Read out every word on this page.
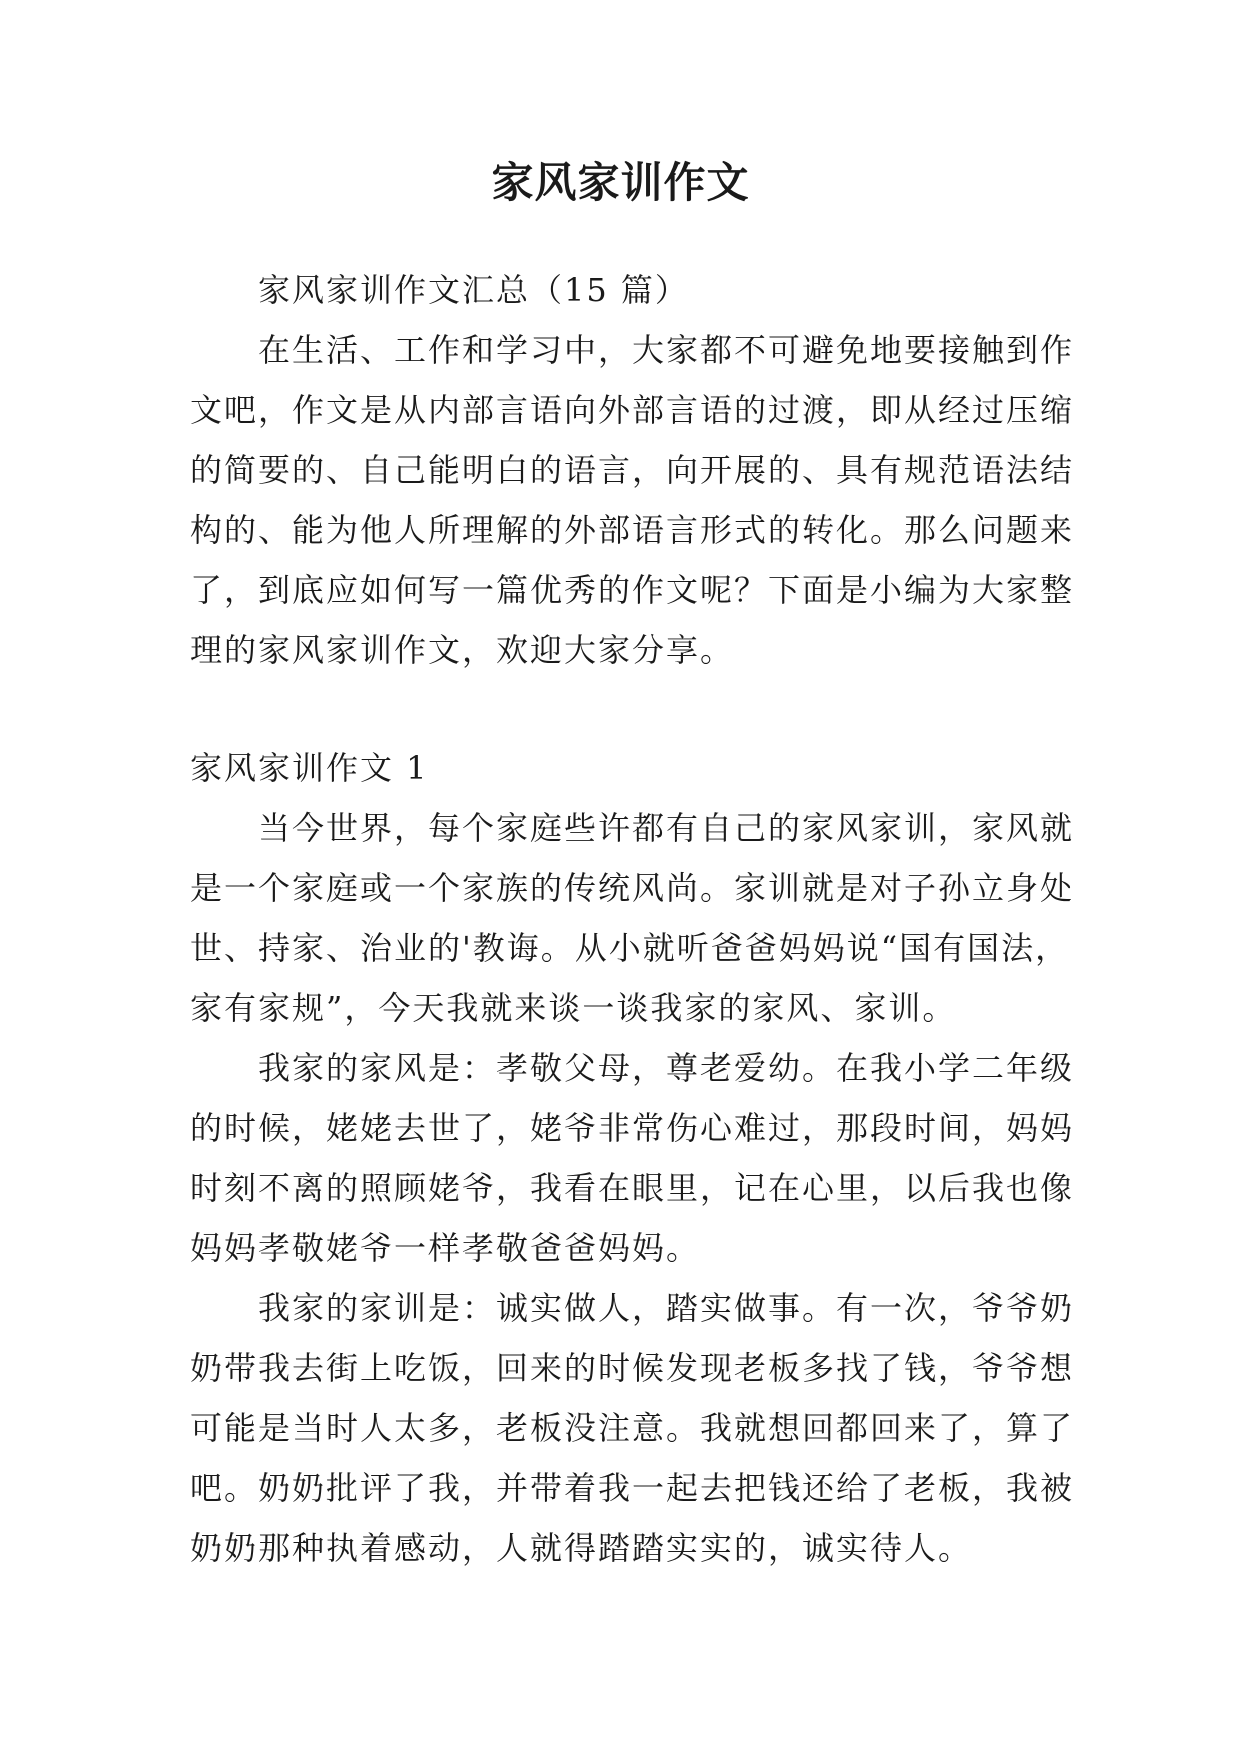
家风家训作文
家风家训作文汇总（15 篇）
在生活、工作和学习中，大家都不可避免地要接触到作
文吧，作文是从内部言语向外部言语的过渡，即从经过压缩
的简要的、自己能明白的语言，向开展的、具有规范语法结
构的、能为他人所理解的外部语言形式的转化。那么问题来
了，到底应如何写一篇优秀的作文呢？下面是小编为大家整
理的家风家训作文，欢迎大家分享。
家风家训作文 1
当今世界，每个家庭些许都有自己的家风家训，家风就
是一个家庭或一个家族的传统风尚。家训就是对子孙立身处
世、持家、治业的'教诲。从小就听爸爸妈妈说“国有国法，
家有家规”，今天我就来谈一谈我家的家风、家训。
我家的家风是：孝敬父母，尊老爱幼。在我小学二年级
的时候，姥姥去世了，姥爷非常伤心难过，那段时间，妈妈
时刻不离的照顾姥爷，我看在眼里，记在心里，以后我也像
妈妈孝敬姥爷一样孝敬爸爸妈妈。
我家的家训是：诚实做人，踏实做事。有一次，爷爷奶
奶带我去街上吃饭，回来的时候发现老板多找了钱，爷爷想
可能是当时人太多，老板没注意。我就想回都回来了，算了
吧。奶奶批评了我，并带着我一起去把钱还给了老板，我被
奶奶那种执着感动，人就得踏踏实实的，诚实待人。
